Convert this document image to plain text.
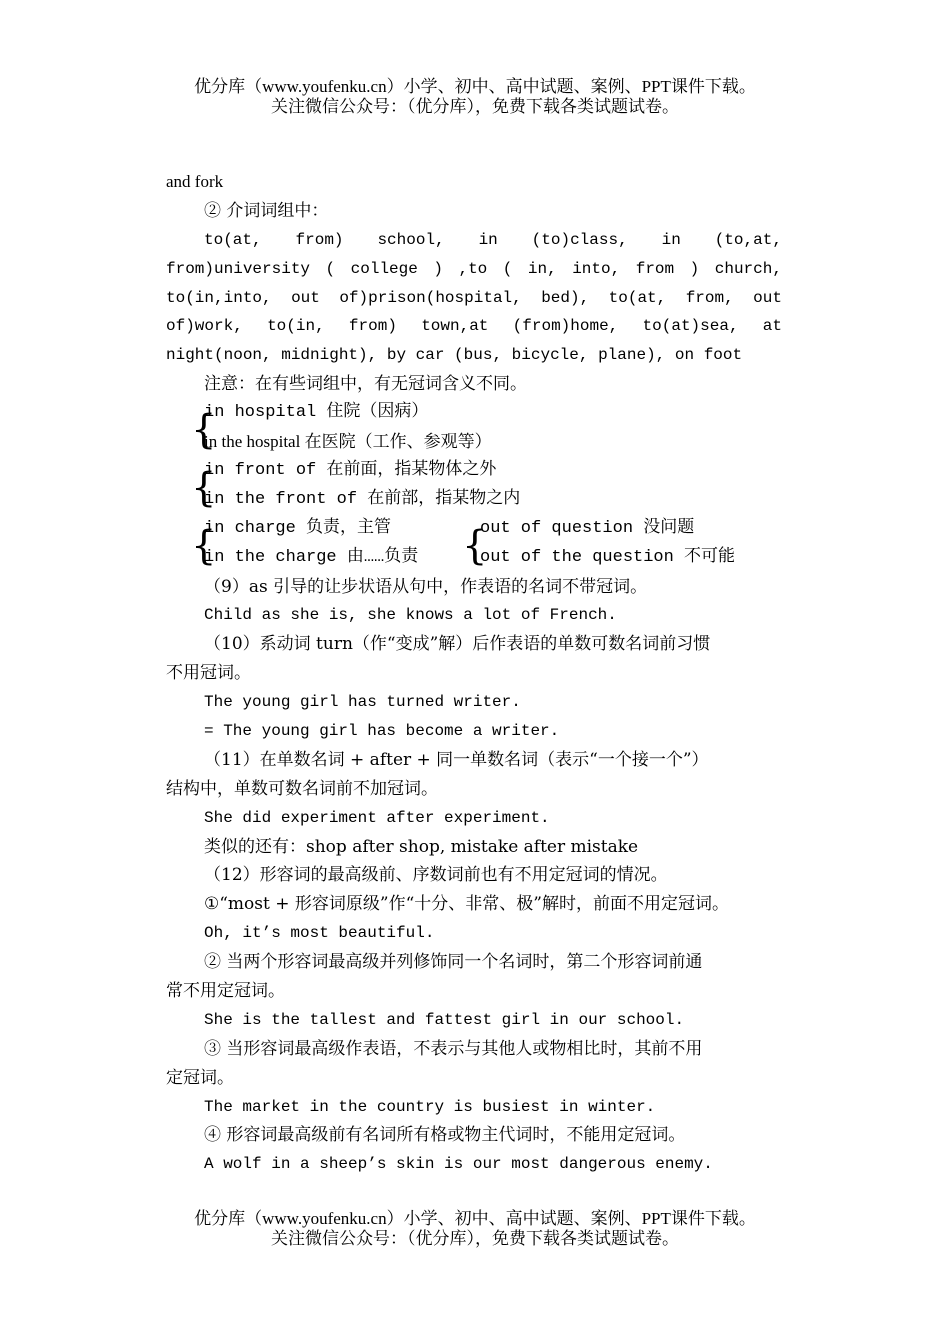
优分库（www.youfenku.cn）小学、初中、高中试题、案例、PPT课件下载。
关注微信公众号：（优分库），免费下载各类试题试卷。
and fork
② 介词词组中：
to(at, from) school, in (to)class, in (to,at,
from)university ( college ) ,to ( in, into, from ) church,
to(in,into, out of)prison(hospital, bed), to(at, from, out
of)work, to(in, from) town,at (from)home, to(at)sea, at
night(noon, midnight), by car (bus, bicycle, plane), on foot
注意：在有些词组中，有无冠词含义不同。
{
in hospital 住院（因病）
in the hospital 在医院（工作、参观等）
{
in front of 在前面，指某物体之外
in the front of 在前部，指某物之内
{	{
in charge 负责，主管
in the charge 由……负责
out of question 没问题
out of the question 不可能
（9）as 引导的让步状语从句中，作表语的名词不带冠词。
Child as she is, she knows a lot of French.
（10）系动词 turn（作“变成”解）后作表语的单数可数名词前习惯
不用冠词。
The young girl has turned writer.
= The young girl has become a writer.
（11）在单数名词 + after + 同一单数名词（表示“一个接一个”）
结构中，单数可数名词前不加冠词。
She did experiment after experiment.
类似的还有：shop after shop, mistake after mistake
（12）形容词的最高级前、序数词前也有不用定冠词的情况。
①“most + 形容词原级”作“十分、非常、极”解时，前面不用定冠词。
Oh, it’s most beautiful.
② 当两个形容词最高级并列修饰同一个名词时，第二个形容词前通
常不用定冠词。
She is the tallest and fattest girl in our school.
③ 当形容词最高级作表语，不表示与其他人或物相比时，其前不用
定冠词。
The market in the country is busiest in winter.
④ 形容词最高级前有名词所有格或物主代词时，不能用定冠词。
A wolf in a sheep’s skin is our most dangerous enemy.
优分库（www.youfenku.cn）小学、初中、高中试题、案例、PPT课件下载。
关注微信公众号：（优分库），免费下载各类试题试卷。
